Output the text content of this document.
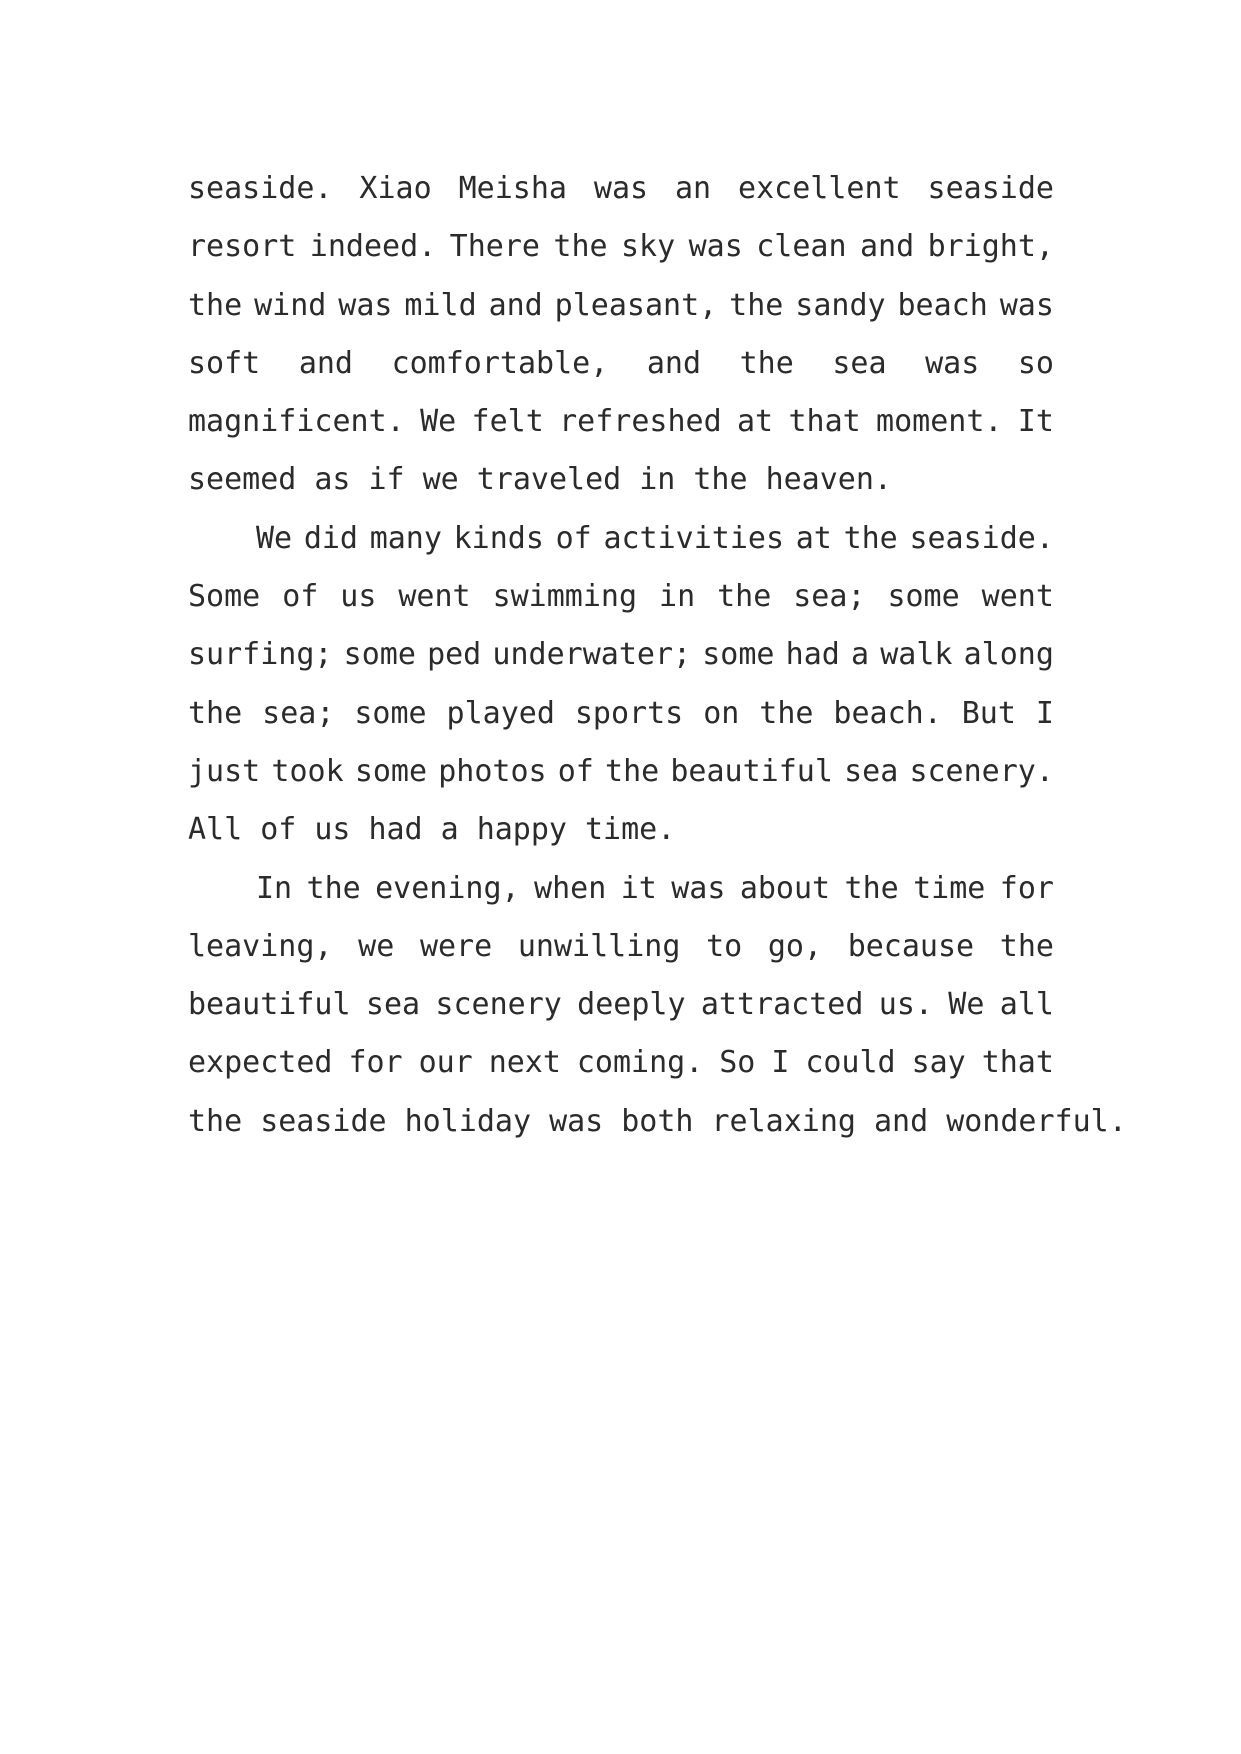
seaside. Xiao Meisha was an excellent seaside
resort indeed. There the sky was clean and bright,
the wind was mild and pleasant, the sandy beach was
soft and comfortable, and the sea was so
magnificent. We felt refreshed at that moment. It
seemed as if we traveled in the heaven.
We did many kinds of activities at the seaside.
Some of us went swimming in the sea; some went
surfing; some ped underwater; some had a walk along
the sea; some played sports on the beach. But I
just took some photos of the beautiful sea scenery.
All of us had a happy time.
In the evening, when it was about the time for
leaving, we were unwilling to go, because the
beautiful sea scenery deeply attracted us. We all
expected for our next coming. So I could say that
the seaside holiday was both relaxing and wonderful.
